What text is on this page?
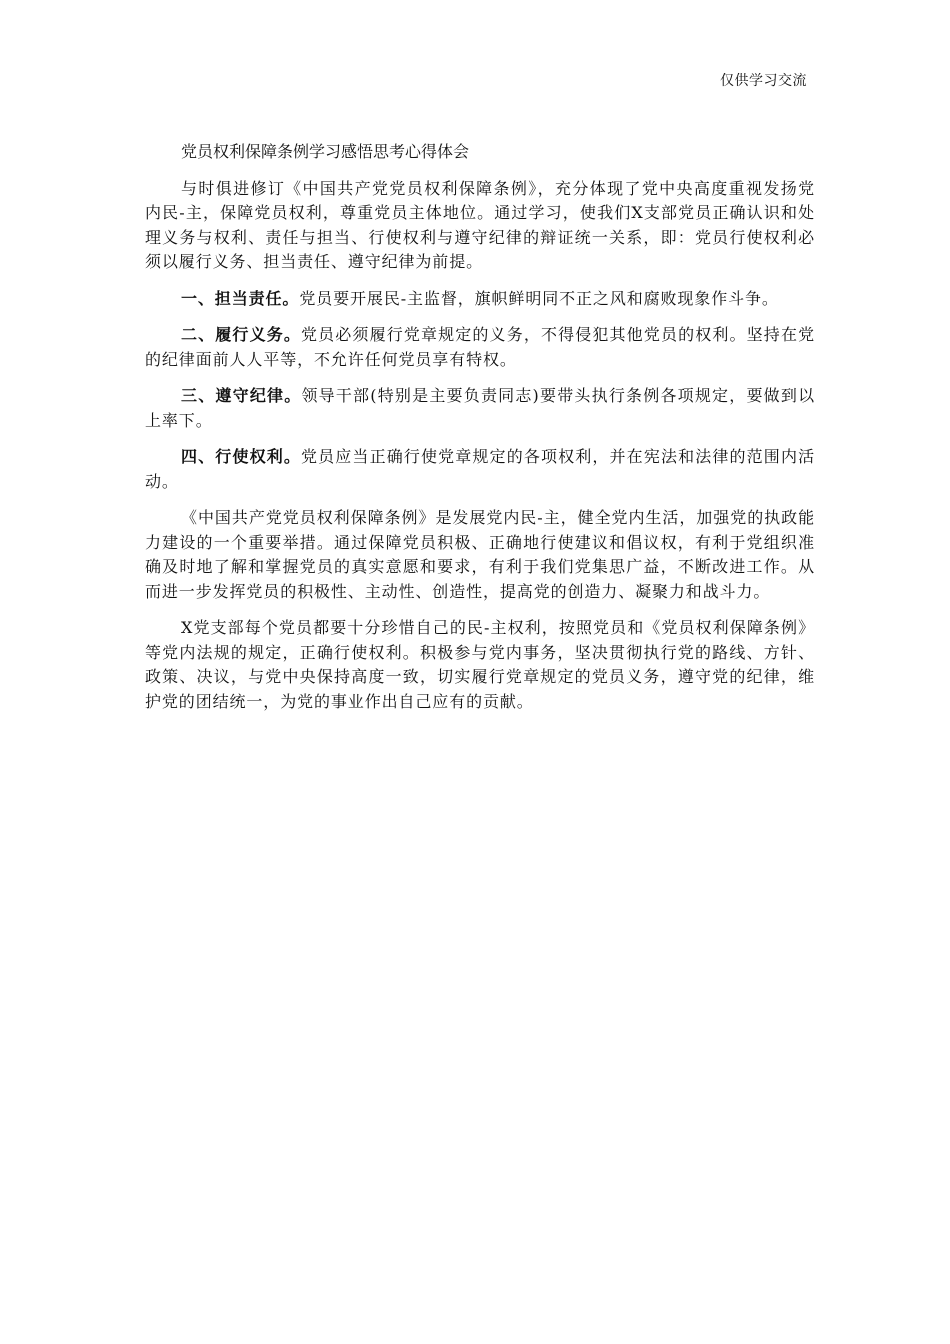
仅供学习交流

党员权利保障条例学习感悟思考心得体会

与时俱进修订《中国共产党党员权利保障条例》，充分体现了党中央高度重视发扬党内民-主，保障党员权利，尊重党员主体地位。通过学习，使我们X支部党员正确认识和处理义务与权利、责任与担当、行使权利与遵守纪律的辩证统一关系，即：党员行使权利必须以履行义务、担当责任、遵守纪律为前提。

一、担当责任。党员要开展民-主监督，旗帜鲜明同不正之风和腐败现象作斗争。

二、履行义务。党员必须履行党章规定的义务，不得侵犯其他党员的权利。坚持在党的纪律面前人人平等，不允许任何党员享有特权。

三、遵守纪律。领导干部(特别是主要负责同志)要带头执行条例各项规定，要做到以上率下。

四、行使权利。党员应当正确行使党章规定的各项权利，并在宪法和法律的范围内活动。

《中国共产党党员权利保障条例》是发展党内民-主，健全党内生活，加强党的执政能力建设的一个重要举措。通过保障党员积极、正确地行使建议和倡议权，有利于党组织准确及时地了解和掌握党员的真实意愿和要求，有利于我们党集思广益，不断改进工作。从而进一步发挥党员的积极性、主动性、创造性，提高党的创造力、凝聚力和战斗力。

X党支部每个党员都要十分珍惜自己的民-主权利，按照党员和《党员权利保障条例》等党内法规的规定，正确行使权利。积极参与党内事务，坚决贯彻执行党的路线、方针、政策、决议，与党中央保持高度一致，切实履行党章规定的党员义务，遵守党的纪律，维护党的团结统一，为党的事业作出自己应有的贡献。
